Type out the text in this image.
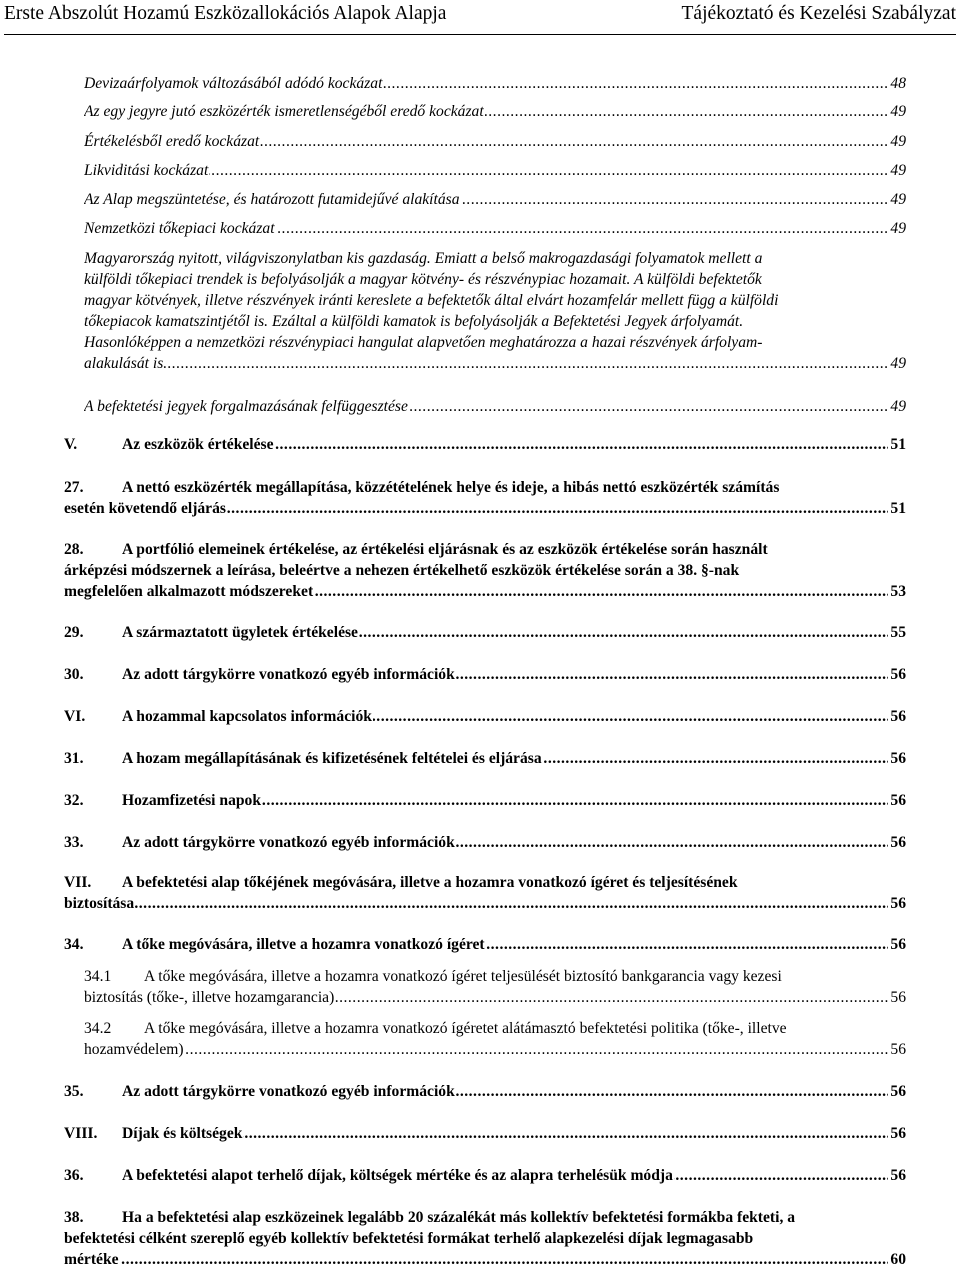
Erste Abszolút Hozamú Eszközallokációs Alapok Alapja	Tájékoztató és Kezelési Szabályzat
Devizaárfolyamok változásából adódó kockázat	48
.....
Az egy jegyre jutó eszközérték ismeretlenségéből eredő kockázat	49
.....
Értékelésből eredő kockázat	49
.....
Likviditási kockázat	49
.....
Az Alap megszüntetése, és határozott futamidejűvé alakítása	49
.....
Nemzetközi tőkepiaci kockázat	49
.....
Magyarország nyitott, világviszonylatban kis gazdaság. Emiatt a belső makrogazdasági folyamatok mellett a
külföldi tőkepiaci trendek is befolyásolják a magyar kötvény- és részvénypiac hozamait. A külföldi befektetők
magyar kötvények, illetve részvények iránti kereslete a befektetők által elvárt hozamfelár mellett függ a külföldi
tőkepiacok kamatszintjétől is. Ezáltal a külföldi kamatok is befolyásolják a Befektetési Jegyek árfolyamát.
Hasonlóképpen a nemzetközi részvénypiaci hangulat alapvetően meghatározza a hazai részvények árfolyam-
alakulását is.	49
.....
A befektetési jegyek forgalmazásának felfüggesztése	49
.....
V.	Az eszközök értékelése	51
.....
27. A nettó eszközérték megállapítása, közzétételének helye és ideje, a hibás nettó eszközérték számítás
esetén követendő eljárás	51
.....
28. A portfólió elemeinek értékelése, az értékelési eljárásnak és az eszközök értékelése során használt
árképzési módszernek a leírása, beleértve a nehezen értékelhető eszközök értékelése során a 38. §-nak
megfelelően alkalmazott módszereket	53
.....
29. A származtatott ügyletek értékelése	55
.....
30. Az adott tárgykörre vonatkozó egyéb információk	56
.....
VI. A hozammal kapcsolatos információk	56
.....
31. A hozam megállapításának és kifizetésének feltételei és eljárása	56
.....
32. Hozamfizetési napok	56
.....
33. Az adott tárgykörre vonatkozó egyéb információk	56
.....
VII. A befektetési alap tőkéjének megóvására, illetve a hozamra vonatkozó ígéret és teljesítésének
biztosítása	56
.....
34. A tőke megóvására, illetve a hozamra vonatkozó ígéret	56
.....
34.1 A tőke megóvására, illetve a hozamra vonatkozó ígéret teljesülését biztosító bankgarancia vagy kezesi
biztosítás (tőke-, illetve hozamgarancia)	56
.....
34.2 A tőke megóvására, illetve a hozamra vonatkozó ígéretet alátámasztó befektetési politika (tőke-, illetve
hozamvédelem)	56
.....
35. Az adott tárgykörre vonatkozó egyéb információk	56
.....
VIII. Díjak és költségek	56
.....
36. A befektetési alapot terhelő díjak, költségek mértéke és az alapra terhelésük módja	56
.....
38. Ha a befektetési alap eszközeinek legalább 20 százalékát más kollektív befektetési formákba fekteti, a
befektetési célként szereplő egyéb kollektív befektetési formákat terhelő alapkezelési díjak legmagasabb
mértéke	60
.....
